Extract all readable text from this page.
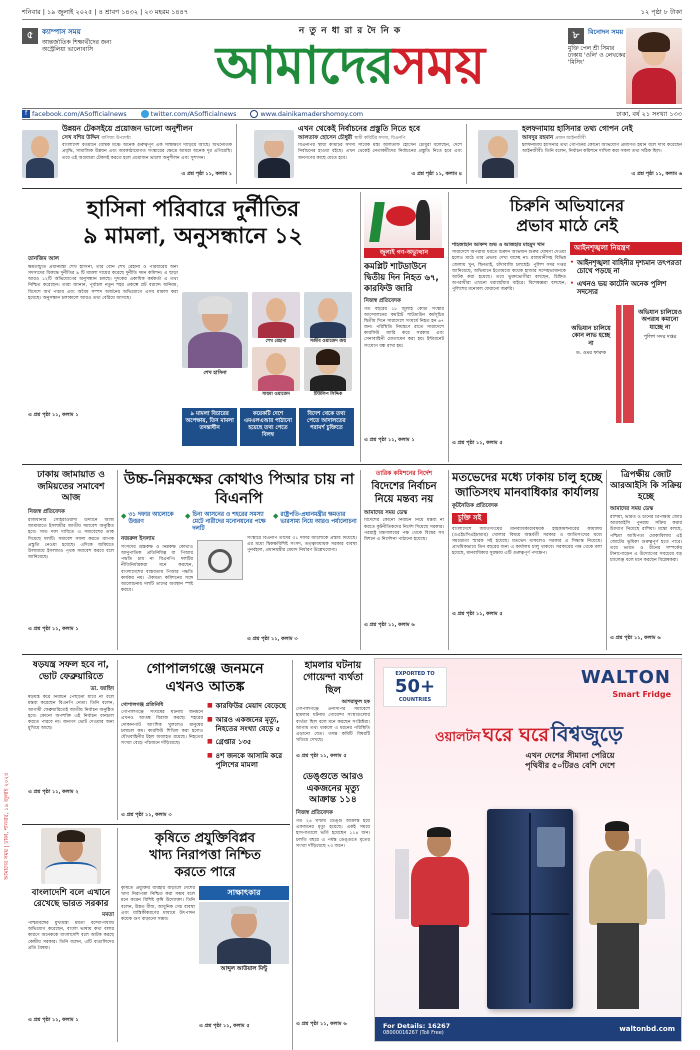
শনিবার | ১৯ জুলাই ২০২৫ | ৪ শ্রাবণ ১৪৩২ | ২৩ মহরম ১৪৪৭	১২ পৃষ্ঠা ৮ টাকা
৫	ক্যাম্পাস সময়
আন্তর্জাতিক শিক্ষার্থীদের জন্য অস্ট্রেলিয়া ভালোবাসি
ন তু ন ধা রা র দৈ নি ক
আমাদেরসময়	৮	বিনোদন সময়
মুক্তি পেল শ্রী সিমার ঢাকায় 'ওলি' ও লেখকের 'মিসিং'
f facebook.com/ASofficialnews	twitter.com/ASofficialnews	www.dainikamadershomoy.com	ঢাকা, বর্ষ ২১ সংখ্যা ১৩৩
উন্নয়ন টেকসইয়ে প্রয়োজন ভালো অনুশীলন
সেখ বশির উদ্দিন বাণিজ্য উপদেষ্টা
বাংলাদেশ বর্তমানে বৈশ্বিক মঞ্চে অনেক গুরুত্বপূর্ণ এক সন্ধিক্ষণে দাঁড়িয়ে আছে। অর্থনৈতিক প্রবৃদ্ধি, সামাজিক উন্নয়ন এবং অবকাঠামোগত সংস্কারের ক্ষেত্রে আমরা অনেক দূর এগিয়েছি। তবে এই অগ্রযাত্রা টেকসই করতে হলে প্রয়োজন ভালো অনুশীলন এবং সুশাসন।
এ প্রশ্ন পৃষ্ঠা ১১, কলাম ১
এখন থেকেই নির্বাচনের প্রস্তুতি নিতে হবে
আলতাফ হোসেন চৌধুরী স্থায়ী কমিটির সদস্য, বিএনপি
বিএনপির স্থায়ী কমিটির সদস্য সাবেক মন্ত্রী আলতাফ হোসেন চৌধুরী বলেছেন, দেশে নির্বাচনের হাওয়া বইছে। এখন থেকেই নেতাকর্মীদের নির্বাচনের প্রস্তুতি নিতে হবে এবং জনগণের কাছে যেতে হবে।
এ প্রশ্ন পৃষ্ঠা ১১, কলাম ৪
হলফনামায় হাসিনার তথ্য গোপন নেই
আবদুর রহমান প্রধান আইনজীবী
হলফনামায় হাসিনার তথ্য গোপনের কোনো অভিযোগ প্রমাণিত হয়নি বলে দাবি করেছেন আইনজীবী। তিনি বলেন, নির্বাচন কমিশনে দাখিল করা সকল তথ্য সঠিক ছিল।
এ প্রশ্ন পৃষ্ঠা ১১, কলাম ৬
হাসিনা পরিবারে দুর্নীতির
৯ মামলা, অনুসন্ধানে ১২
তানজিম আল
ক্ষমতাচ্যুত প্রধানমন্ত্রী শেখ হাসিনা, তার বোন শেখ রেহানা ও পরিবারের অন্য সদস্যদের বিরুদ্ধে দুর্নীতির ৯ টি মামলা দায়ের করেছে দুর্নীতি দমন কমিশন। এ ছাড়া আরও ১২টি অভিযোগের অনুসন্ধান চলছে। দুদকের একাধিক কর্মকর্তা এ তথ্য নিশ্চিত করেছেন। তারা জানান, পূর্বাচল নতুন শহর প্রকল্পে প্লট বরাদ্দে অনিয়ম, বিদেশে অর্থ পাচার এবং অবৈধ সম্পদ অর্জনের অভিযোগে এসব মামলা করা হয়েছে। অনুসন্ধান চলাকালে আরও তথ্য বেরিয়ে আসছে।
শেখ হাসিনা
শেখ রেহানা	সজীব ওয়াজেদ জয়
সায়মা ওয়াজেদ	টিউলিপ সিদ্দিক
৯ মামলা বিচারের অপেক্ষায়, তিন মামলা তদন্তাধীন
কয়েকটি দেশে এমএলএআর পাঠানো হয়েছে তথ্য পেতে বিলম্ব
বিদেশ থেকে তথ্য পেতে আদালতের পরামর্শ চুক্তিতে
এ প্রশ্ন পৃষ্ঠা ১১, কলাম ১
জুলাই গণ-অভ্যুত্থান
কমপ্লিট শাটডাউনে দ্বিতীয় দিন নিহত ৬৭, কারফিউ জারি
নিজস্ব প্রতিবেদক
গত বছরের ১৮ জুলাই কোটা সংস্কার আন্দোলনের কমপ্লিট শাটডাউন কর্মসূচির দ্বিতীয় দিনে সারাদেশে সংঘর্ষে নিহত হন ৬৭ জন। পরিস্থিতি নিয়ন্ত্রণে রাতে সারাদেশে কারফিউ জারি করে সরকার এবং সেনাবাহিনী মোতায়েন করা হয়। ইন্টারনেট সংযোগ বন্ধ রাখা হয়।
এ প্রশ্ন পৃষ্ঠা ১১, কলাম ১
চিরুনি অভিযানের
প্রভাব মাঠে নেই
শাহজাহান আকন্দ শুভ ও আজহার মাহমুদ খান
সারাদেশে অপরাধী ধরতে চিরুনি অভিযান শুরুর ঘোষণা দেওয়া হলেও মাঠে তার প্রভাব দেখা যাচ্ছে না। রাজধানীসহ বিভিন্ন জেলায় খুন, ছিনতাই, চাঁদাবাজি চলছেই। পুলিশ সদর দপ্তর জানিয়েছে, অভিযানে ইতোমধ্যে কয়েক হাজার সন্দেহভাজনকে আটক করা হয়েছে। তবে ভুক্তভোগীরা বলছেন, চিহ্নিত অপরাধীরা এখনো ধরাছোঁয়ার বাইরে। বিশেষজ্ঞরা বলছেন, পুলিশের মনোবল ফেরানো জরুরি।
এ প্রশ্ন পৃষ্ঠা ১১, কলাম ৫
আইনশৃঙ্খলা নিয়ন্ত্রণ
• আইনশৃঙ্খলা বাহিনীর দৃশ্যমান তৎপরতা চোখে পড়ছে না
• এখনও ভয় কাটেনি অনেক পুলিশ সদস্যের
অভিযান চালিয়ে কোন লাভ হচ্ছে না
ড. ওমর ফারুক
অভিযান চালিয়েও অপরাধ কমানো যাচ্ছে না
পুলিশ সদর দপ্তর
ঢাকায় জামায়াত ও জমিয়তের সমাবেশ আজ
নিজস্ব প্রতিবেদক
রাজধানীর সোহরাওয়ার্দী উদ্যানে আজ জামায়াতে ইসলামীর জাতীয় সমাবেশ অনুষ্ঠিত হবে। সাত দফা দাবিতে এ সমাবেশের ডাক দিয়েছে দলটি। সমাবেশ সফল করতে ব্যাপক প্রস্তুতি নেওয়া হয়েছে। এদিকে জমিয়তে উলামায়ে ইসলামও পৃথক সমাবেশ করবে বলে জানিয়েছে।
এ প্রশ্ন পৃষ্ঠা ১১, কলাম ১
উচ্চ-নিম্নকক্ষের কোথাও পিআর চায় না বিএনপি
◆ ৩১ দফার আলোকে উত্তরণ
◆ চিনা আসনের ও শহরের সমস্যা মেটে নারীদের মনোনয়নের পক্ষে দলটি
◆ রাষ্ট্রপতি-প্রধানমন্ত্রীর ক্ষমতার ভারসাম্য নিয়ে আরও পর্যালোচনা
নজরুল ইসলাম
সংসদের উচ্চকক্ষ ও নিম্নকক্ষ কোথাও আনুপাতিক প্রতিনিধিত্ব বা পিআর পদ্ধতি চায় না বিএনপি। দলটির নীতিনির্ধারকরা মনে করছেন, বাংলাদেশের বাস্তবতায় পিআর পদ্ধতি কার্যকর নয়। ঐকমত্য কমিশনের সঙ্গে আলোচনায় দলটি তাদের অবস্থান স্পষ্ট করবে।
সংস্কারে বিএনপি তাদের ৩১ দফার আলোকে প্রস্তাব দিয়েছে। এর মধ্যে দ্বিকক্ষবিশিষ্ট সংসদ, তত্ত্বাবধায়ক সরকার ব্যবস্থা পুনর্বহাল, প্রধানমন্ত্রীর মেয়াদ নির্ধারণ উল্লেখযোগ্য।
এ প্রশ্ন পৃষ্ঠা ১১, কলাম ৩
তারিক কমিশনের নির্দেশ
বিদেশের নির্বাচন নিয়ে মন্তব্য নয়
আমাদের সময় ডেস্ক
বিদেশের কোনো নির্বাচন নিয়ে মন্তব্য না করতে কূটনীতিকদের নির্দেশ দিয়েছে সরকার। পররাষ্ট্র মন্ত্রণালয়ের পক্ষ থেকে বিশ্বের সব মিশনে এ নির্দেশনা পাঠানো হয়েছে।
এ প্রশ্ন পৃষ্ঠা ১১, কলাম ৬
মতভেদের মধ্যে ঢাকায় চালু হচ্ছে জাতিসংঘ মানবাধিকার কার্যালয়
কূটনৈতিক প্রতিবেদক
চুক্তি সই
বাংলাদেশে জাতিসংঘের মানবাধিকারবিষয়ক হাইকমিশনারের কার্যালয় (ওএইচসিএইচআর) খোলার বিষয়ে অন্তর্বর্তী সরকার ও জাতিসংঘের মধ্যে সমঝোতা স্মারক সই হয়েছে। মতভেদ থাকলেও সরকার এ সিদ্ধান্ত নিয়েছে। প্রাথমিকভাবে তিন বছরের জন্য এ কার্যালয় চালু থাকবে। সরকারের পক্ষ থেকে বলা হয়েছে, মানবাধিকার সুরক্ষায় এটি গুরুত্বপূর্ণ পদক্ষেপ।
এ প্রশ্ন পৃষ্ঠা ১১, কলাম ৫
ত্রিপক্ষীয় জোট আরআইসি কি সক্রিয় হচ্ছে
আমাদের সময় ডেস্ক
রাশিয়া, ভারত ও চীনের ত্রিপক্ষীয় জোট আরআইসি পুনরায় সক্রিয় করার উদ্যোগ নিয়েছে রাশিয়া। মস্কো বলছে, পশ্চিমা আধিপত্য মোকাবিলায় এই জোটের ভূমিকা গুরুত্বপূর্ণ হতে পারে। তবে ভারত ও চীনের সম্পর্কের টানাপোড়েন এ উদ্যোগের সবচেয়ে বড় চ্যালেঞ্জ বলে মনে করছেন বিশ্লেষকরা।
এ প্রশ্ন পৃষ্ঠা ১১, কলাম ৬
ষড়যন্ত্র সফল হবে না, ভোট ফেব্রুয়ারিতে
ডা. জাহিদ
ষড়যন্ত্র করে নির্বাচন পেছানো যাবে না বলে মন্তব্য করেছেন বিএনপি নেতা। তিনি বলেন, আগামী ফেব্রুয়ারিতেই জাতীয় নির্বাচন অনুষ্ঠিত হবে। কোনো অপশক্তি এই নির্বাচন বানচাল করতে পারবে না। জনগণ ভোট দেওয়ার জন্য মুখিয়ে আছে।
এ প্রশ্ন পৃষ্ঠা ১১, কলাম ২
গোপালগঞ্জে জনমনে
এখনও আতঙ্ক
গোপালগঞ্জ প্রতিনিধি
গোপালগঞ্জে সংঘর্ষের ঘটনায় জনমনে এখনও আতঙ্ক বিরাজ করছে। শহরের দোকানপাট আংশিক খুললেও মানুষের চলাচল কম। কারফিউ শিথিল করা হলেও যৌথবাহিনীর টহল অব্যাহত রয়েছে। নিহতের সংখ্যা বেড়ে পাঁচজনে দাঁড়িয়েছে।
এ প্রশ্ন পৃষ্ঠা ১১, কলাম ৩
■ কারফিউর মেয়াদ বেড়েছে
■ আরও একজনের মৃত্যু, নিহতের সংখ্যা বেড়ে ৫
■ গ্রেপ্তার ১৩৫
■ ৪শ জনকে আসামি করে পুলিশের মামলা
হামলার ঘটনায় গোয়েন্দা ব্যর্থতা ছিল
আশরাফুল হক
গোপালগঞ্জে এনসিপির সমাবেশে হামলার ঘটনায় গোয়েন্দা সংস্থাগুলোর ব্যর্থতা ছিল বলে মনে করছেন সংশ্লিষ্টরা। আগাম তথ্য থাকলে এ ধরনের পরিস্থিতি এড়ানো যেত। তদন্ত কমিটি বিষয়টি খতিয়ে দেখছে।
এ প্রশ্ন পৃষ্ঠা ১১, কলাম ৫
ডেঙ্গুতে আরও একজনের মৃত্যু আক্রান্ত ১১৪
নিজস্ব প্রতিবেদক
গত ২৪ ঘণ্টায় ডেঙ্গু আক্রান্ত হয়ে একজনের মৃত্যু হয়েছে। একই সময়ে হাসপাতালে ভর্তি হয়েছেন ১১৪ জন। চলতি বছরে এ পর্যন্ত ডেঙ্গুতে মৃতের সংখ্যা দাঁড়িয়েছে ৭৩ জনে।
এ প্রশ্ন পৃষ্ঠা ১১, কলাম ৬
EXPORTED TO
50+
COUNTRIES
WALTON
Smart Fridge
ওয়ালটন ঘরে ঘরে বিশ্বজুড়ে
এখন দেশের সীমানা পেরিয়ে
পৃথিবীর ৫০টিরও বেশি দেশে
For Details: 16267
08000016267 (Toll Free)
waltonbd.com
বাংলাদেশি বলে এখানে রেখেছে ভারত সরকার
মমতা
পশ্চিমবঙ্গের মুখ্যমন্ত্রী মমতা বন্দ্যোপাধ্যায় অভিযোগ করেছেন, বাংলা ভাষায় কথা বলার কারণে অনেককে বাংলাদেশি বলে আটক করছে কেন্দ্রীয় সরকার। তিনি বলেন, এটি বাঙালিদের প্রতি বৈষম্য।
এ প্রশ্ন পৃষ্ঠা ১১, কলাম ১
কৃষিতে প্রযুক্তিবিপ্লব
খাদ্য নিরাপত্তা নিশ্চিত
করতে পারে
কৃষিতে প্রযুক্তির ব্যবহার বাড়ালে দেশের খাদ্য নিরাপত্তা নিশ্চিত করা সম্ভব বলে মনে করেন বিশিষ্ট কৃষি উদ্যোক্তা। তিনি বলেন, উন্নত বীজ, আধুনিক সেচ ব্যবস্থা এবং যান্ত্রিকীকরণের মাধ্যমে উৎপাদন কয়েক গুণ বাড়ানো সম্ভব।
সাক্ষাৎকার
আব্দুল আউয়াল মিন্টু
এ প্রশ্ন পৃষ্ঠা ১১, কলাম ৫
আমাদের সময় | ঢাকা, শনিবার, ১৯ জুলাই ২০২৫
